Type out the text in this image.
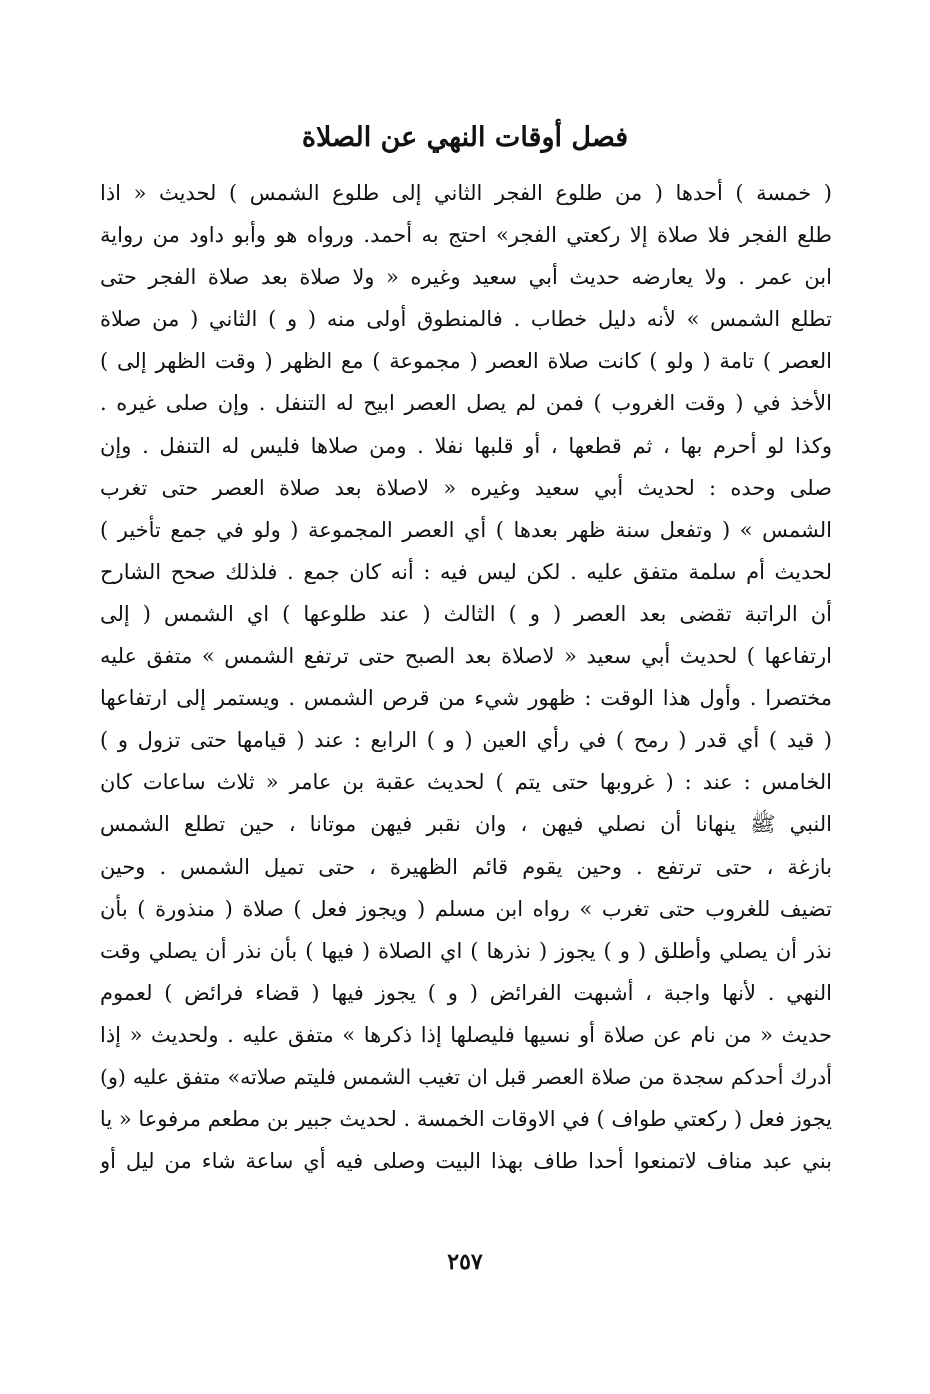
فصل أوقات النهي عن الصلاة
( خمسة ) أحدها ( من طلوع الفجر الثاني إلى طلوع الشمس ) لحديث « اذا
طلع الفجر فلا صلاة إلا ركعتي الفجر» احتج به أحمد. ورواه هو وأبو داود من رواية
ابن عمر . ولا يعارضه حديث أبي سعيد وغيره « ولا صلاة بعد صلاة الفجر حتى
تطلع الشمس » لأنه دليل خطاب . فالمنطوق أولى منه ( و ) الثاني ( من صلاة
العصر ) تامة ( ولو ) كانت صلاة العصر ( مجموعة ) مع الظهر ( وقت الظهر إلى )
الأخذ في ( وقت الغروب ) فمن لم يصل العصر ابيح له التنفل . وإن صلى غيره .
وكذا لو أحرم بها ، ثم قطعها ، أو قلبها نفلا . ومن صلاها فليس له التنفل . وإن
صلى وحده : لحديث أبي سعيد وغيره « لاصلاة بعد صلاة العصر حتى تغرب
الشمس » ( وتفعل سنة ظهر بعدها ) أي العصر المجموعة ( ولو في جمع تأخير )
لحديث أم سلمة متفق عليه . لكن ليس فيه : أنه كان جمع . فلذلك صحح الشارح
أن الراتبة تقضى بعد العصر ( و ) الثالث ( عند طلوعها ) اي الشمس ( إلى
ارتفاعها ) لحديث أبي سعيد « لاصلاة بعد الصبح حتى ترتفع الشمس » متفق عليه
مختصرا . وأول هذا الوقت : ظهور شيء من قرص الشمس . ويستمر إلى ارتفاعها
( قيد ) أي قدر ( رمح ) في رأي العين ( و ) الرابع : عند ( قيامها حتى تزول و )
الخامس : عند : ( غروبها حتى يتم ) لحديث عقبة بن عامر « ثلاث ساعات كان
النبي ﷺ ينهانا أن نصلي فيهن ، وان نقبر فيهن موتانا ، حين تطلع الشمس
بازغة ، حتى ترتفع . وحين يقوم قائم الظهيرة ، حتى تميل الشمس . وحين
تضيف للغروب حتى تغرب » رواه ابن مسلم ( ويجوز فعل ) صلاة ( منذورة ) بأن
نذر أن يصلي وأطلق ( و ) يجوز ( نذرها ) اي الصلاة ( فيها ) بأن نذر أن يصلي وقت
النهي . لأنها واجبة ، أشبهت الفرائض ( و ) يجوز فيها ( قضاء فرائض ) لعموم
حديث « من نام عن صلاة أو نسيها فليصلها إذا ذكرها » متفق عليه . ولحديث « إذا
أدرك أحدكم سجدة من صلاة العصر قبل ان تغيب الشمس فليتم صلاته» متفق عليه (و)
يجوز فعل ( ركعتي طواف ) في الاوقات الخمسة . لحديث جبير بن مطعم مرفوعا « يا
بني عبد مناف لاتمنعوا أحدا طاف بهذا البيت وصلى فيه أي ساعة شاء من ليل أو
٢٥٧
